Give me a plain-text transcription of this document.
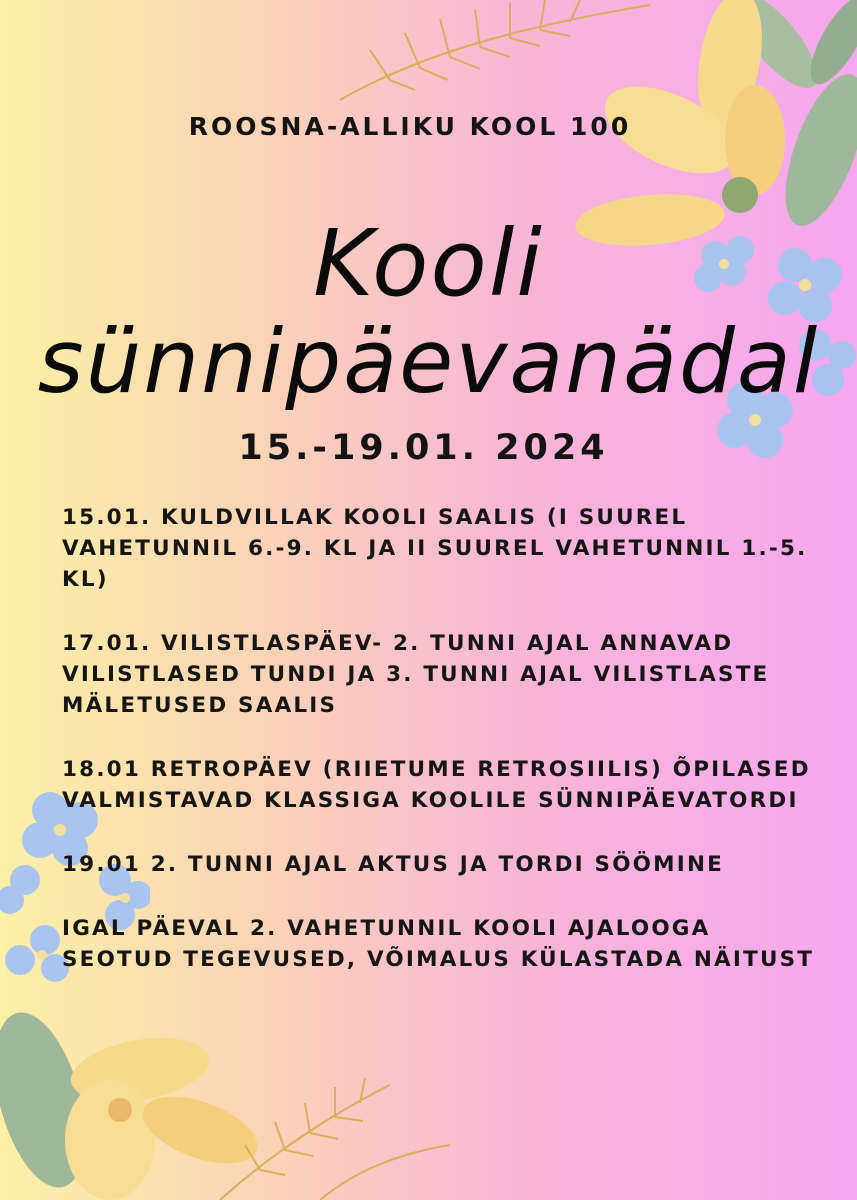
ROOSNA-ALLIKU KOOL 100
Kooli
sünnipäevanädal
15.-19.01. 2024
15.01. KULDVILLAK KOOLI SAALIS (I SUUREL VAHETUNNIL 6.-9. KL JA II SUUREL VAHETUNNIL 1.-5. KL)
17.01. VILISTLASPÄEV- 2. TUNNI AJAL ANNAVAD VILISTLASED TUNDI JA 3. TUNNI AJAL VILISTLASTE MÄLETUSED SAALIS
18.01 RETROPÄEV (RIIETUME RETROSIILIS) ÕPILASED VALMISTAVAD KLASSIGA KOOLILE SÜNNIPÄEVATORDI
19.01 2. TUNNI AJAL AKTUS JA TORDI SÖÖMINE
IGAL PÄEVAL 2. VAHETUNNIL KOOLI AJALOOGA SEOTUD TEGEVUSED, VÕIMALUS KÜLASTADA NÄITUST
